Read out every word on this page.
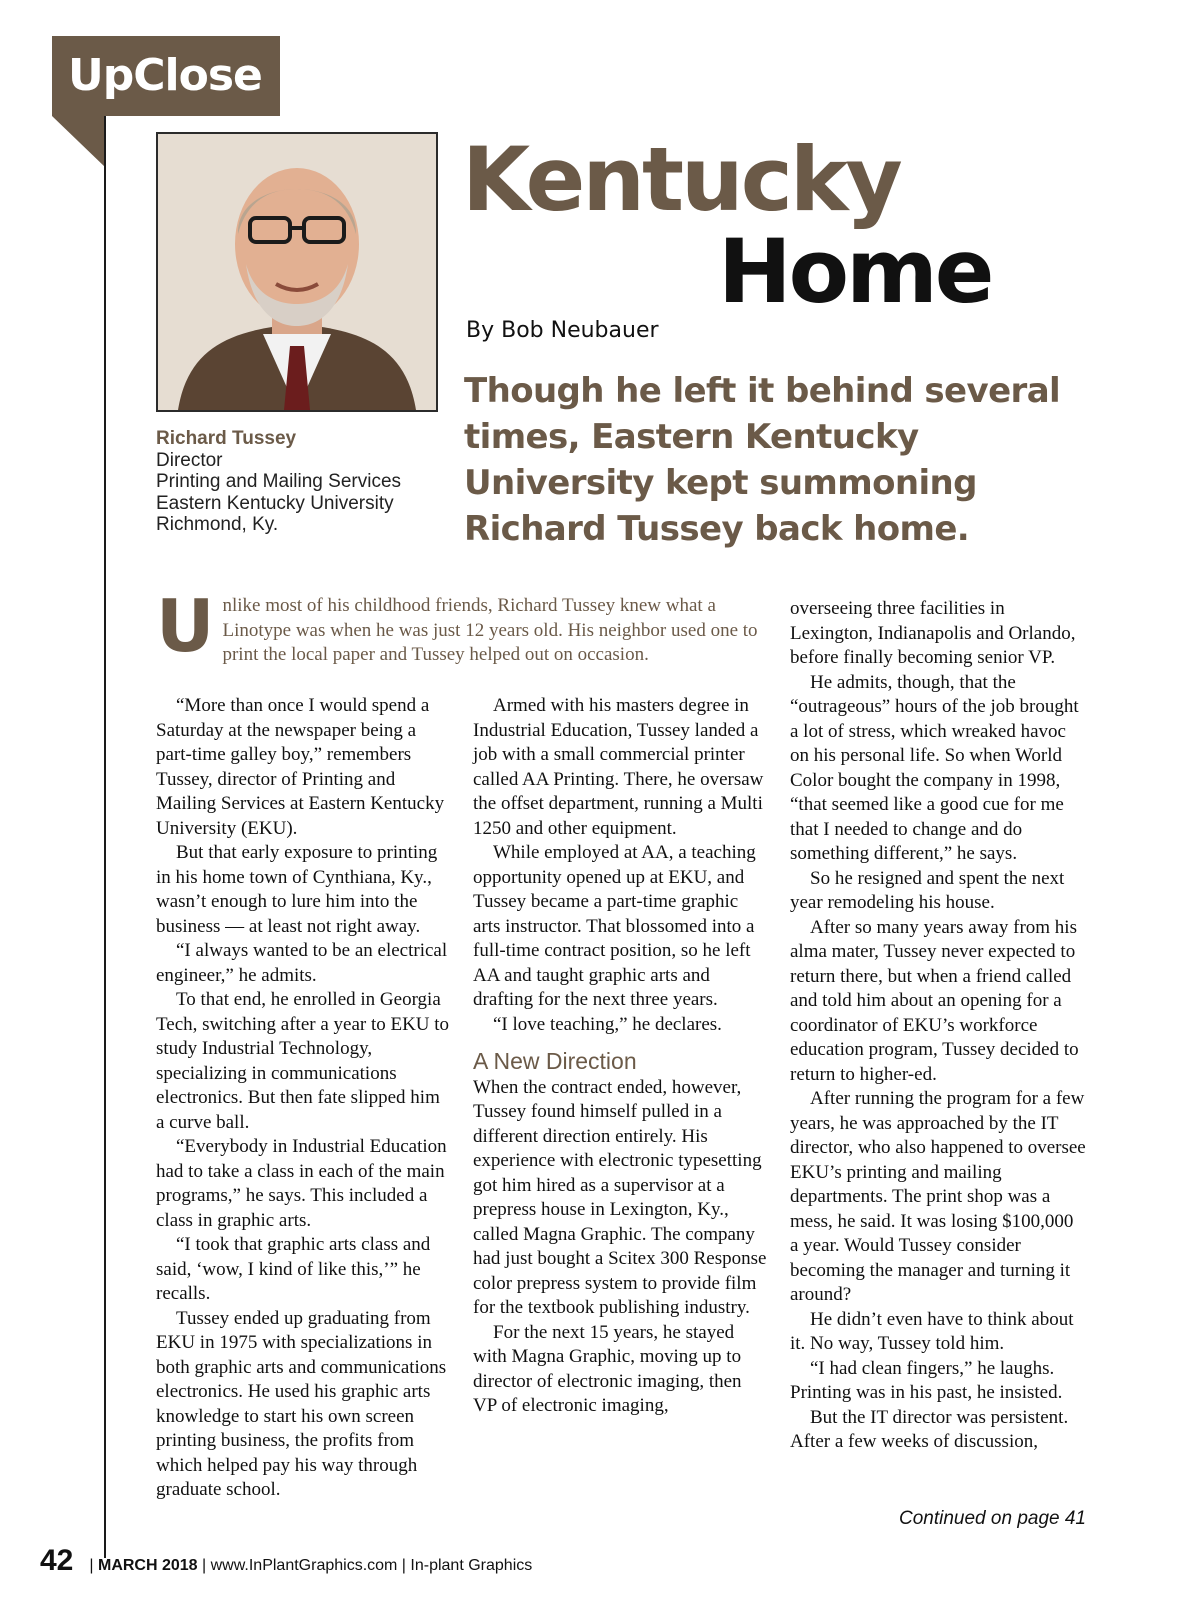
UpClose
Richard Tussey
Director
Printing and Mailing Services
Eastern Kentucky University
Richmond, Ky.
Kentucky
Home
By Bob Neubauer
Though he left it behind several times, Eastern Kentucky University kept summoning Richard Tussey back home.
U nlike most of his childhood friends, Richard Tussey knew what a Linotype was when he was just 12 years old. His neighbor used one to print the local paper and Tussey helped out on occasion.

“More than once I would spend a Saturday at the newspaper being a part-time galley boy,” remembers Tussey, director of Printing and Mailing Services at Eastern Kentucky University (EKU).

But that early exposure to printing in his home town of Cynthiana, Ky., wasn’t enough to lure him into the business — at least not right away.

“I always wanted to be an electrical engineer,” he admits.

To that end, he enrolled in Georgia Tech, switching after a year to EKU to study Industrial Technology, specializing in communications electronics. But then fate slipped him a curve ball.

“Everybody in Industrial Education had to take a class in each of the main programs,” he says. This included a class in graphic arts.

“I took that graphic arts class and said, ‘wow, I kind of like this,’” he recalls.

Tussey ended up graduating from EKU in 1975 with specializations in both graphic arts and communications electronics. He used his graphic arts knowledge to start his own screen printing business, the profits from which helped pay his way through graduate school.

Armed with his masters degree in Industrial Education, Tussey landed a job with a small commercial printer called AA Printing. There, he oversaw the offset department, running a Multi 1250 and other equipment.

While employed at AA, a teaching opportunity opened up at EKU, and Tussey became a part-time graphic arts instructor. That blossomed into a full-time contract position, so he left AA and taught graphic arts and drafting for the next three years.

“I love teaching,” he declares.

A New Direction

When the contract ended, however, Tussey found himself pulled in a different direction entirely. His experience with electronic typesetting got him hired as a supervisor at a prepress house in Lexington, Ky., called Magna Graphic. The company had just bought a Scitex 300 Response color prepress system to provide film for the textbook publishing industry.

For the next 15 years, he stayed with Magna Graphic, moving up to director of electronic imaging, then VP of electronic imaging,

overseeing three facilities in Lexington, Indianapolis and Orlando, before finally becoming senior VP.

He admits, though, that the “outrageous” hours of the job brought a lot of stress, which wreaked havoc on his personal life. So when World Color bought the company in 1998, “that seemed like a good cue for me that I needed to change and do something different,” he says.

So he resigned and spent the next year remodeling his house.

After so many years away from his alma mater, Tussey never expected to return there, but when a friend called and told him about an opening for a coordinator of EKU’s workforce education program, Tussey decided to return to higher-ed.

After running the program for a few years, he was approached by the IT director, who also happened to oversee EKU’s printing and mailing departments. The print shop was a mess, he said. It was losing $100,000 a year. Would Tussey consider becoming the manager and turning it around?

He didn’t even have to think about it. No way, Tussey told him.

“I had clean fingers,” he laughs. Printing was in his past, he insisted.

But the IT director was persistent. After a few weeks of discussion,

Continued on page 41
42 | MARCH 2018 | www.InPlantGraphics.com | In-plant Graphics
